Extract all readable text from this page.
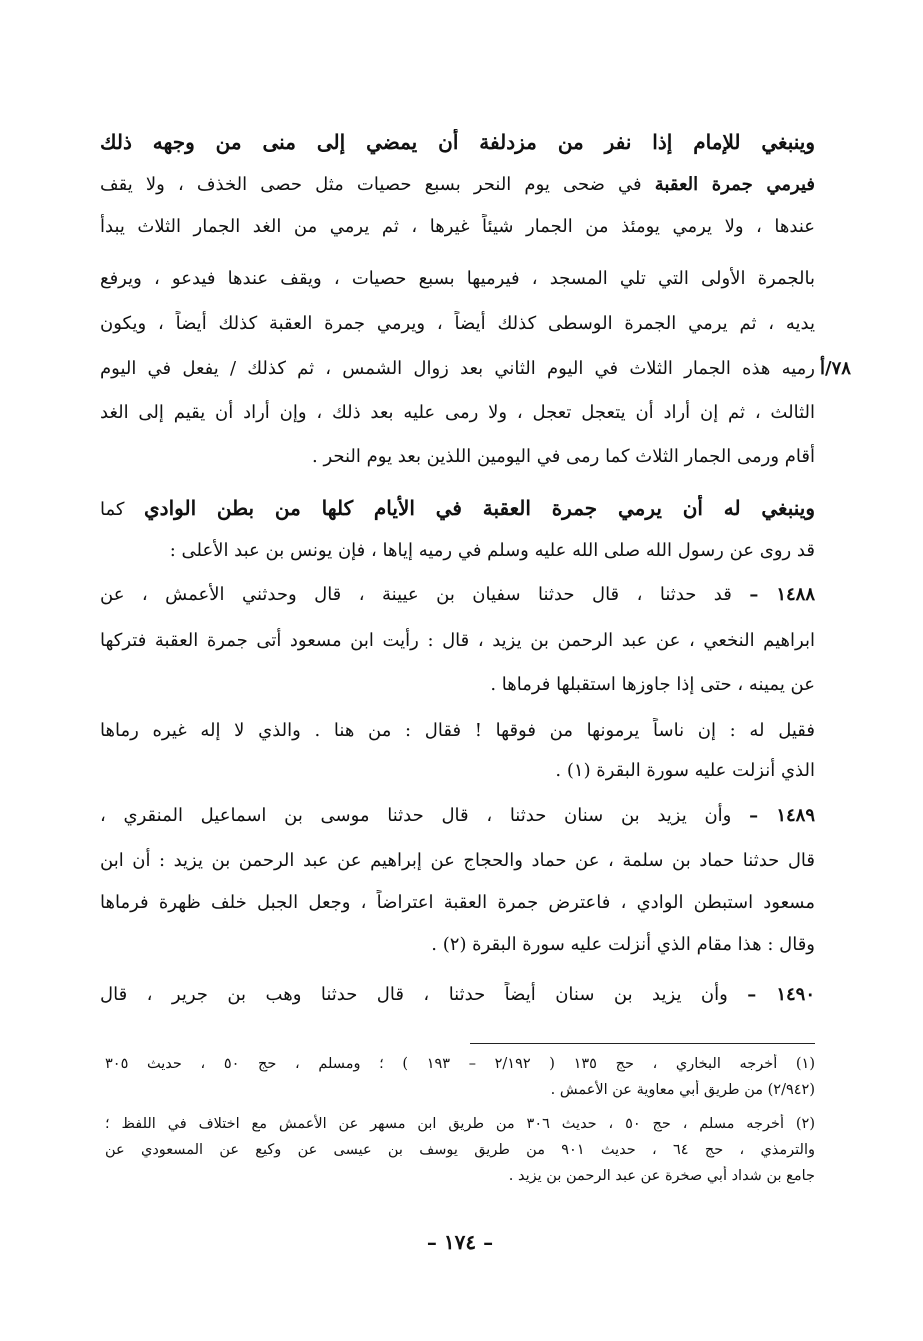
٧٨/أ
وينبغي للإمام إذا نفر من مزدلفة أن يمضي إلى منى من وجهه ذلك
فيرمي جمرة العقبة في ضحى يوم النحر بسبع حصيات مثل حصى الخذف ، ولا يقف
عندها ، ولا يرمي يومئذ من الجمار شيئاً غيرها ، ثم يرمي من الغد الجمار الثلاث يبدأ
بالجمرة الأولى التي تلي المسجد ، فيرميها بسبع حصيات ، ويقف عندها فيدعو ، ويرفع
يديه ، ثم يرمي الجمرة الوسطى كذلك أيضاً ، ويرمي جمرة العقبة كذلك أيضاً ، ويكون
رميه هذه الجمار الثلاث في اليوم الثاني بعد زوال الشمس ، ثم كذلك / يفعل في اليوم
الثالث ، ثم إن أراد أن يتعجل تعجل ، ولا رمى عليه بعد ذلك ، وإن أراد أن يقيم إلى الغد
أقام ورمى الجمار الثلاث كما رمى في اليومين اللذين بعد يوم النحر .
وينبغي له أن يرمي جمرة العقبة في الأيام كلها من بطن الوادي كما
قد روى عن رسول الله صلى الله عليه وسلم في رميه إياها ، فإن يونس بن عبد الأعلى :
١٤٨٨ – قد حدثنا ، قال حدثنا سفيان بن عيينة ، قال وحدثني الأعمش ، عن
ابراهيم النخعي ، عن عبد الرحمن بن يزيد ، قال : رأيت ابن مسعود أتى جمرة العقبة فتركها
عن يمينه ، حتى إذا جاوزها استقبلها فرماها .
فقيل له : إن ناساً يرمونها من فوقها ! فقال : من هنا . والذي لا إله غيره رماها
الذي أنزلت عليه سورة البقرة (١) .
١٤٨٩ – وأن يزيد بن سنان حدثنا ، قال حدثنا موسى بن اسماعيل المنقري ،
قال حدثنا حماد بن سلمة ، عن حماد والحجاج عن إبراهيم عن عبد الرحمن بن يزيد : أن ابن
مسعود استبطن الوادي ، فاعترض جمرة العقبة اعتراضاً ، وجعل الجبل خلف ظهرة فرماها
وقال : هذا مقام الذي أنزلت عليه سورة البقرة (٢) .
١٤٩٠ – وأن يزيد بن سنان أيضاً حدثنا ، قال حدثنا وهب بن جرير ، قال
(١) أخرجه البخاري ، حج ١٣٥ ( ٢/١٩٢ – ١٩٣ ) ؛ ومسلم ، حج ٥٠ ، حديث ٣٠٥
(٢/٩٤٢) من طريق أبي معاوية عن الأعمش .
(٢) أخرجه مسلم ، حج ٥٠ ، حديث ٣٠٦ من طريق ابن مسهر عن الأعمش مع اختلاف في اللفظ ؛
والترمذي ، حج ٦٤ ، حديث ٩٠١ من طريق يوسف بن عيسى عن وكيع عن المسعودي عن
جامع بن شداد أبي صخرة عن عبد الرحمن بن يزيد .
– ١٧٤ –
